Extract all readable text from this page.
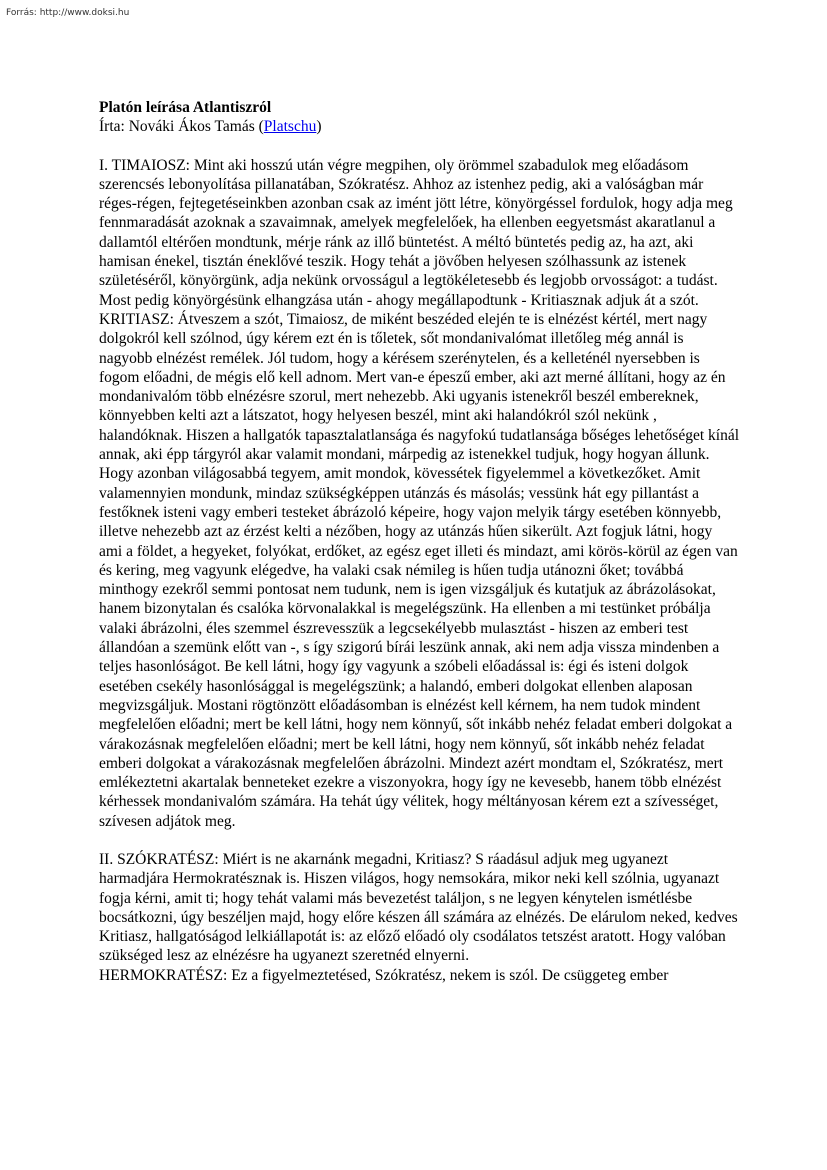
Forrás: http://www.doksi.hu
Platón leírása Atlantiszról
Írta: Nováki Ákos Tamás (Platschu)

I. TIMAIOSZ: Mint aki hosszú után végre megpihen, oly örömmel szabadulok meg előadásom szerencsés lebonyolítása pillanatában, Szókratész. Ahhoz az istenhez pedig, aki a valóságban már réges-régen, fejtegetéseinkben azonban csak az imént jött létre, könyörgéssel fordulok, hogy adja meg fennmaradását azoknak a szavaimnak, amelyek megfelelőek, ha ellenben eegyetsmást akaratlanul a dallamtól eltérően mondtunk, mérje ránk az illő büntetést. A méltó büntetés pedig az, ha azt, aki hamisan énekel, tisztán éneklővé teszik. Hogy tehát a jövőben helyesen szólhassunk az istenek születéséről, könyörgünk, adja nekünk orvosságul a legtökéletesebb és legjobb orvosságot: a tudást. Most pedig könyörgésünk elhangzása után - ahogy megállapodtunk - Kritiasznak adjuk át a szót.

KRITIASZ: Átveszem a szót, Timaiosz, de miként beszéded elején te is elnézést kértél, mert nagy dolgokról kell szólnod, úgy kérem ezt én is tőletek, sőt mondanivalómat illetőleg még annál is nagyobb elnézést remélek. Jól tudom, hogy a kérésem szerénytelen, és a kelleténél nyersebben is fogom előadni, de mégis elő kell adnom. Mert van-e épeszű ember, aki azt merné állítani, hogy az én mondanivalóm több elnézésre szorul, mert nehezebb. Aki ugyanis istenekről beszél embereknek, könnyebben kelti azt a látszatot, hogy helyesen beszél, mint aki halandókról szól nekünk , halandóknak. Hiszen a hallgatók tapasztalatlansága és nagyfokú tudatlansága bőséges lehetőséget kínál annak, aki épp tárgyról akar valamit mondani, márpedig az istenekkel tudjuk, hogy hogyan állunk.

Hogy azonban világosabbá tegyem, amit mondok, kövessétek figyelemmel a következőket. Amit valamennyien mondunk, mindaz szükségképpen utánzás és másolás; vessünk hát egy pillantást a festőknek isteni vagy emberi testeket ábrázoló képeire, hogy vajon melyik tárgy esetében könnyebb, illetve nehezebb azt az érzést kelti a nézőben, hogy az utánzás hűen sikerült. Azt fogjuk látni, hogy ami a földet, a hegyeket, folyókat, erdőket, az egész eget illeti és mindazt, ami körös-körül az égen van és kering, meg vagyunk elégedve, ha valaki csak némileg is hűen tudja utánozni őket; továbbá minthogy ezekről semmi pontosat nem tudunk, nem is igen vizsgáljuk és kutatjuk az ábrázolásokat, hanem bizonytalan és csalóka körvonalakkal is megelégszünk. Ha ellenben a mi testünket próbálja valaki ábrázolni, éles szemmel észrevesszük a legcsekélyebb mulasztást - hiszen az emberi test állandóan a szemünk előtt van -, s így szigorú bírái leszünk annak, aki nem adja vissza mindenben a teljes hasonlóságot. Be kell látni, hogy így vagyunk a szóbeli előadással is: égi és isteni dolgok esetében csekély hasonlósággal is megelégszünk; a halandó, emberi dolgokat ellenben alaposan megvizsgáljuk. Mostani rögtönzött előadásomban is elnézést kell kérnem, ha nem tudok mindent megfelelően előadni; mert be kell látni, hogy nem könnyű, sőt inkább nehéz feladat emberi dolgokat a várakozásnak megfelelően előadni; mert be kell látni, hogy nem könnyű, sőt inkább nehéz feladat emberi dolgokat a várakozásnak megfelelően ábrázolni. Mindezt azért mondtam el, Szókratész, mert emlékeztetni akartalak benneteket ezekre a viszonyokra, hogy így ne kevesebb, hanem több elnézést kérhessek mondanivalóm számára. Ha tehát úgy vélitek, hogy méltányosan kérem ezt a szívességet, szívesen adjátok meg.

II. SZÓKRATÉSZ: Miért is ne akarnánk megadni, Kritiasz? S ráadásul adjuk meg ugyanezt harmadjára Hermokratésznak is. Hiszen világos, hogy nemsokára, mikor neki kell szólnia, ugyanazt fogja kérni, amit ti; hogy tehát valami más bevezetést találjon, s ne legyen kénytelen ismétlésbe bocsátkozni, úgy beszéljen majd, hogy előre készen áll számára az elnézés. De elárulom neked, kedves Kritiasz, hallgatóságod lelkiállapotát is: az előző előadó oly csodálatos tetszést aratott. Hogy valóban szükséged lesz az elnézésre ha ugyanezt szeretnéd elnyerni.

HERMOKRATÉSZ: Ez a figyelmeztetésed, Szókratész, nekem is szól. De csüggeteg ember
